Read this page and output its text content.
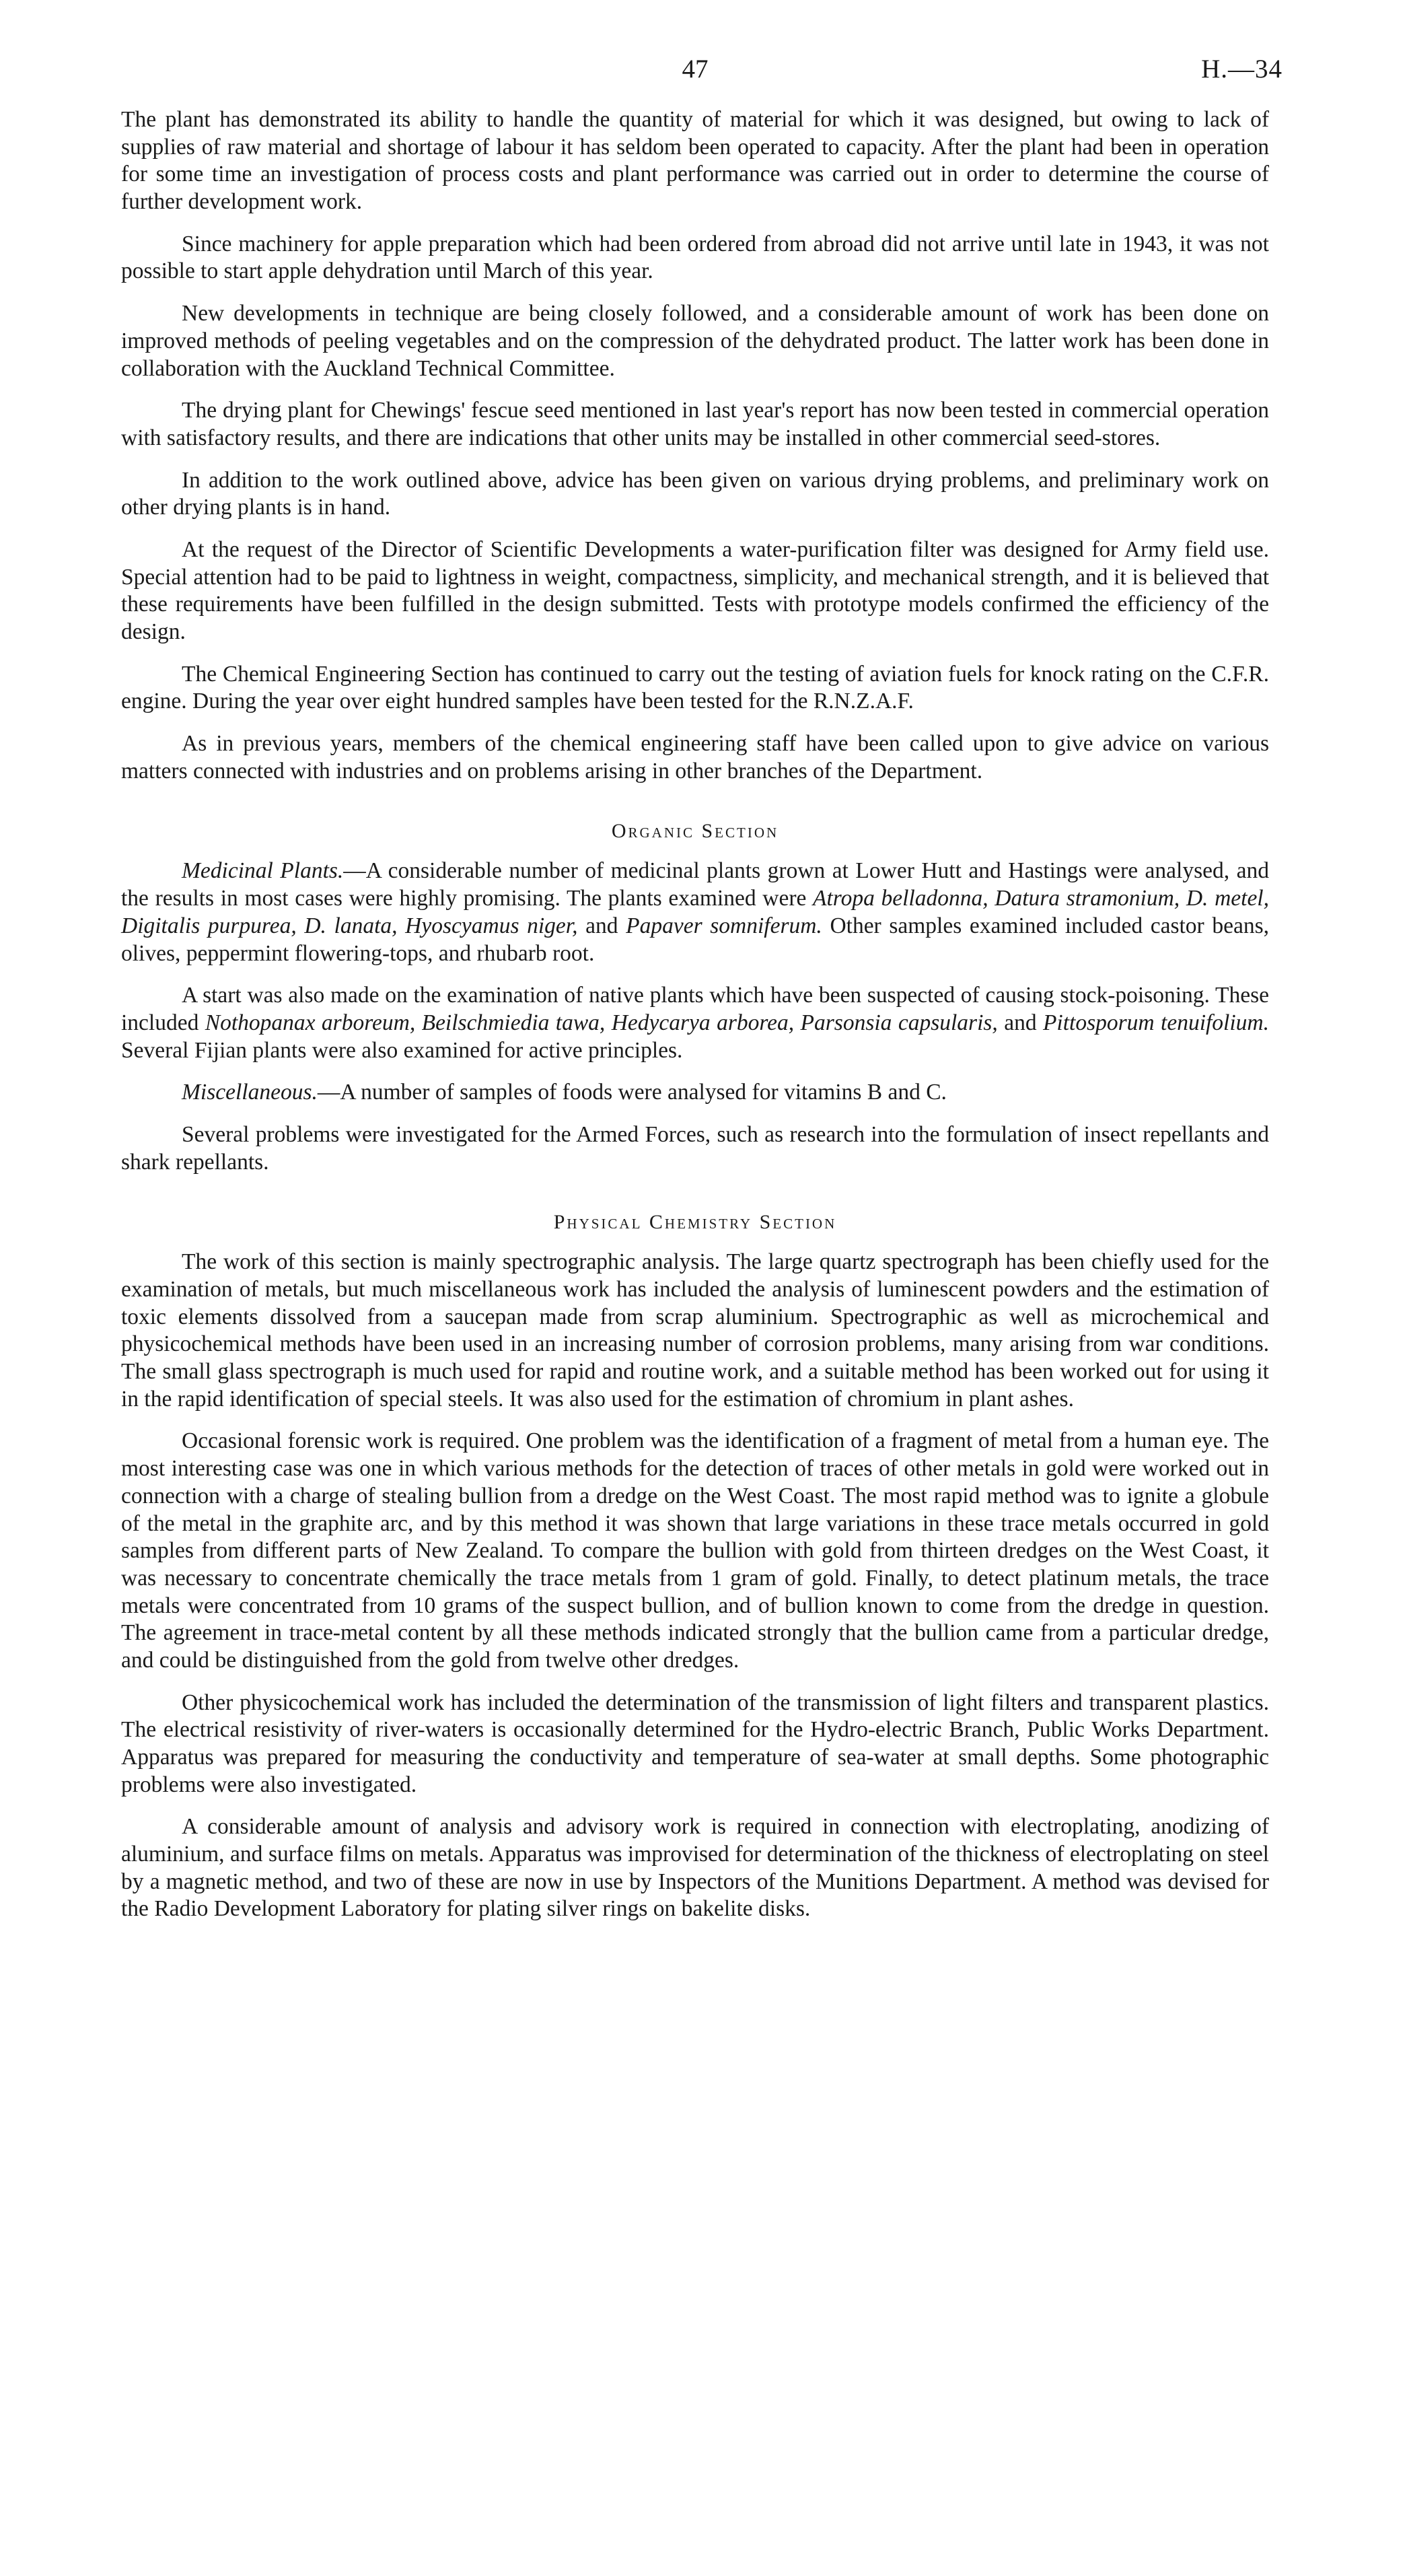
47	H.—34

The plant has demonstrated its ability to handle the quantity of material for which it was designed, but owing to lack of supplies of raw material and shortage of labour it has seldom been operated to capacity. After the plant had been in operation for some time an investigation of process costs and plant performance was carried out in order to determine the course of further development work.

Since machinery for apple preparation which had been ordered from abroad did not arrive until late in 1943, it was not possible to start apple dehydration until March of this year.

New developments in technique are being closely followed, and a considerable amount of work has been done on improved methods of peeling vegetables and on the compression of the dehydrated product. The latter work has been done in collaboration with the Auckland Technical Committee.

The drying plant for Chewings' fescue seed mentioned in last year's report has now been tested in commercial operation with satisfactory results, and there are indications that other units may be installed in other commercial seed-stores.

In addition to the work outlined above, advice has been given on various drying problems, and preliminary work on other drying plants is in hand.

At the request of the Director of Scientific Developments a water-purification filter was designed for Army field use. Special attention had to be paid to lightness in weight, compactness, simplicity, and mechanical strength, and it is believed that these requirements have been fulfilled in the design submitted. Tests with prototype models confirmed the efficiency of the design.

The Chemical Engineering Section has continued to carry out the testing of aviation fuels for knock rating on the C.F.R. engine. During the year over eight hundred samples have been tested for the R.N.Z.A.F.

As in previous years, members of the chemical engineering staff have been called upon to give advice on various matters connected with industries and on problems arising in other branches of the Department.

Organic Section

Medicinal Plants.—A considerable number of medicinal plants grown at Lower Hutt and Hastings were analysed, and the results in most cases were highly promising. The plants examined were Atropa belladonna, Datura stramonium, D. metel, Digitalis purpurea, D. lanata, Hyoscyamus niger, and Papaver somniferum. Other samples examined included castor beans, olives, peppermint flowering-tops, and rhubarb root.

A start was also made on the examination of native plants which have been suspected of causing stock-poisoning. These included Nothopanax arboreum, Beilschmiedia tawa, Hedycarya arborea, Parsonsia capsularis, and Pittosporum tenuifolium. Several Fijian plants were also examined for active principles.

Miscellaneous.—A number of samples of foods were analysed for vitamins B and C.

Several problems were investigated for the Armed Forces, such as research into the formulation of insect repellants and shark repellants.

Physical Chemistry Section

The work of this section is mainly spectrographic analysis. The large quartz spectrograph has been chiefly used for the examination of metals, but much miscellaneous work has included the analysis of luminescent powders and the estimation of toxic elements dissolved from a saucepan made from scrap aluminium. Spectrographic as well as microchemical and physicochemical methods have been used in an increasing number of corrosion problems, many arising from war conditions. The small glass spectrograph is much used for rapid and routine work, and a suitable method has been worked out for using it in the rapid identification of special steels. It was also used for the estimation of chromium in plant ashes.

Occasional forensic work is required. One problem was the identification of a fragment of metal from a human eye. The most interesting case was one in which various methods for the detection of traces of other metals in gold were worked out in connection with a charge of stealing bullion from a dredge on the West Coast. The most rapid method was to ignite a globule of the metal in the graphite arc, and by this method it was shown that large variations in these trace metals occurred in gold samples from different parts of New Zealand. To compare the bullion with gold from thirteen dredges on the West Coast, it was necessary to concentrate chemically the trace metals from 1 gram of gold. Finally, to detect platinum metals, the trace metals were concentrated from 10 grams of the suspect bullion, and of bullion known to come from the dredge in question. The agreement in trace-metal content by all these methods indicated strongly that the bullion came from a particular dredge, and could be distinguished from the gold from twelve other dredges.

Other physicochemical work has included the determination of the transmission of light filters and transparent plastics. The electrical resistivity of river-waters is occasionally determined for the Hydro-electric Branch, Public Works Department. Apparatus was prepared for measuring the conductivity and temperature of sea-water at small depths. Some photographic problems were also investigated.

A considerable amount of analysis and advisory work is required in connection with electroplating, anodizing of aluminium, and surface films on metals. Apparatus was improvised for determination of the thickness of electroplating on steel by a magnetic method, and two of these are now in use by Inspectors of the Munitions Department. A method was devised for the Radio Development Laboratory for plating silver rings on bakelite disks.
